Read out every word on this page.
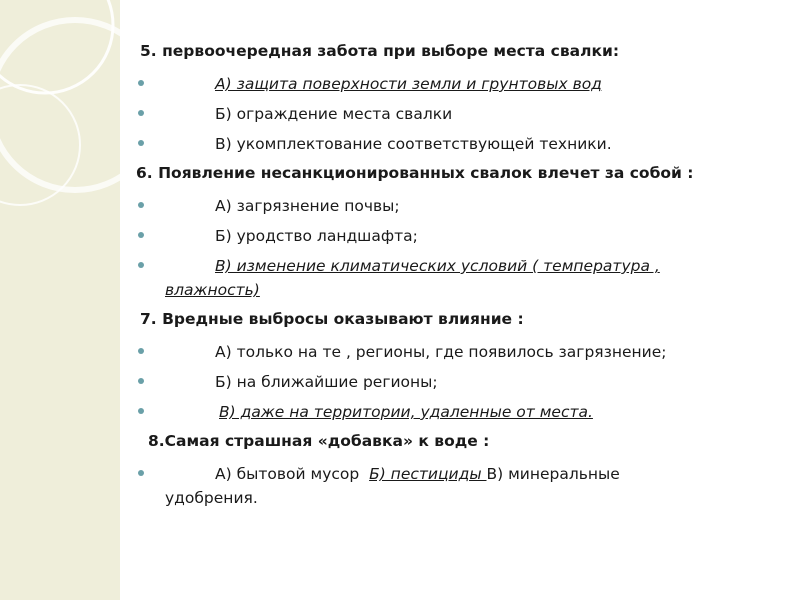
5. первоочередная забота при выборе места свалки:
А) защита поверхности земли и грунтовых вод
Б) ограждение места свалки
В) укомплектование соответствующей техники.
6. Появление несанкционированных свалок влечет за собой :
А) загрязнение почвы;
Б) уродство ландшафта;
В) изменение климатических условий ( температура ,
влажность)
7. Вредные выбросы оказывают влияние :
А) только на те , регионы, где появилось загрязнение;
Б) на ближайшие регионы;
В) даже на территории, удаленные от места.
8.Самая страшная «добавка» к воде :
А) бытовой мусор Б) пестициды В) минеральные
удобрения.
